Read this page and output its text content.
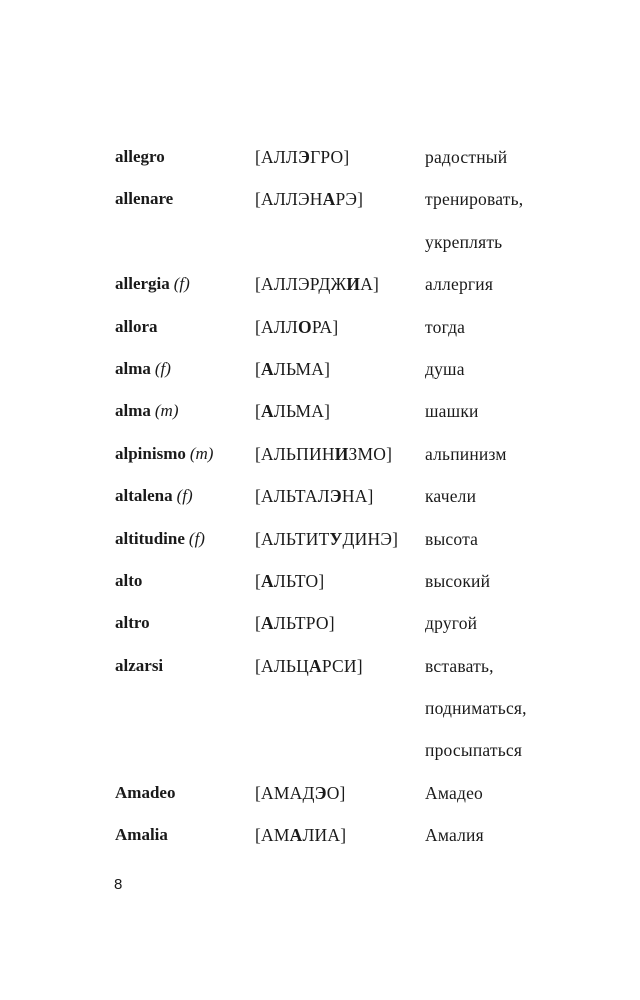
allegro	[АЛЛЭГРО]	радостный
allenare	[АЛЛЭНАРЭ]	тренировать,
укреплять
allergia (f)	[АЛЛЭРДЖИА]	аллергия
allora	[АЛЛОРА]	тогда
alma (f)	[АЛЬМА]	душа
alma (m)	[АЛЬМА]	шашки
alpinismo (m) [АЛЬПИНИЗМО] альпинизм
altalena (f)	[АЛЬТАЛЭНА]	качели
altitudine (f)	[АЛЬТИТУДИНЭ] высота
alto	[АЛЬТО]	высокий
altro	[АЛЬТРО]	другой
alzarsi	[АЛЬЦАРСИ]	вставать,
подниматься,
просыпаться
Amadeo	[АМАДЭО]	Амадео
Amalia	[АМАЛИА]	Амалия
8
